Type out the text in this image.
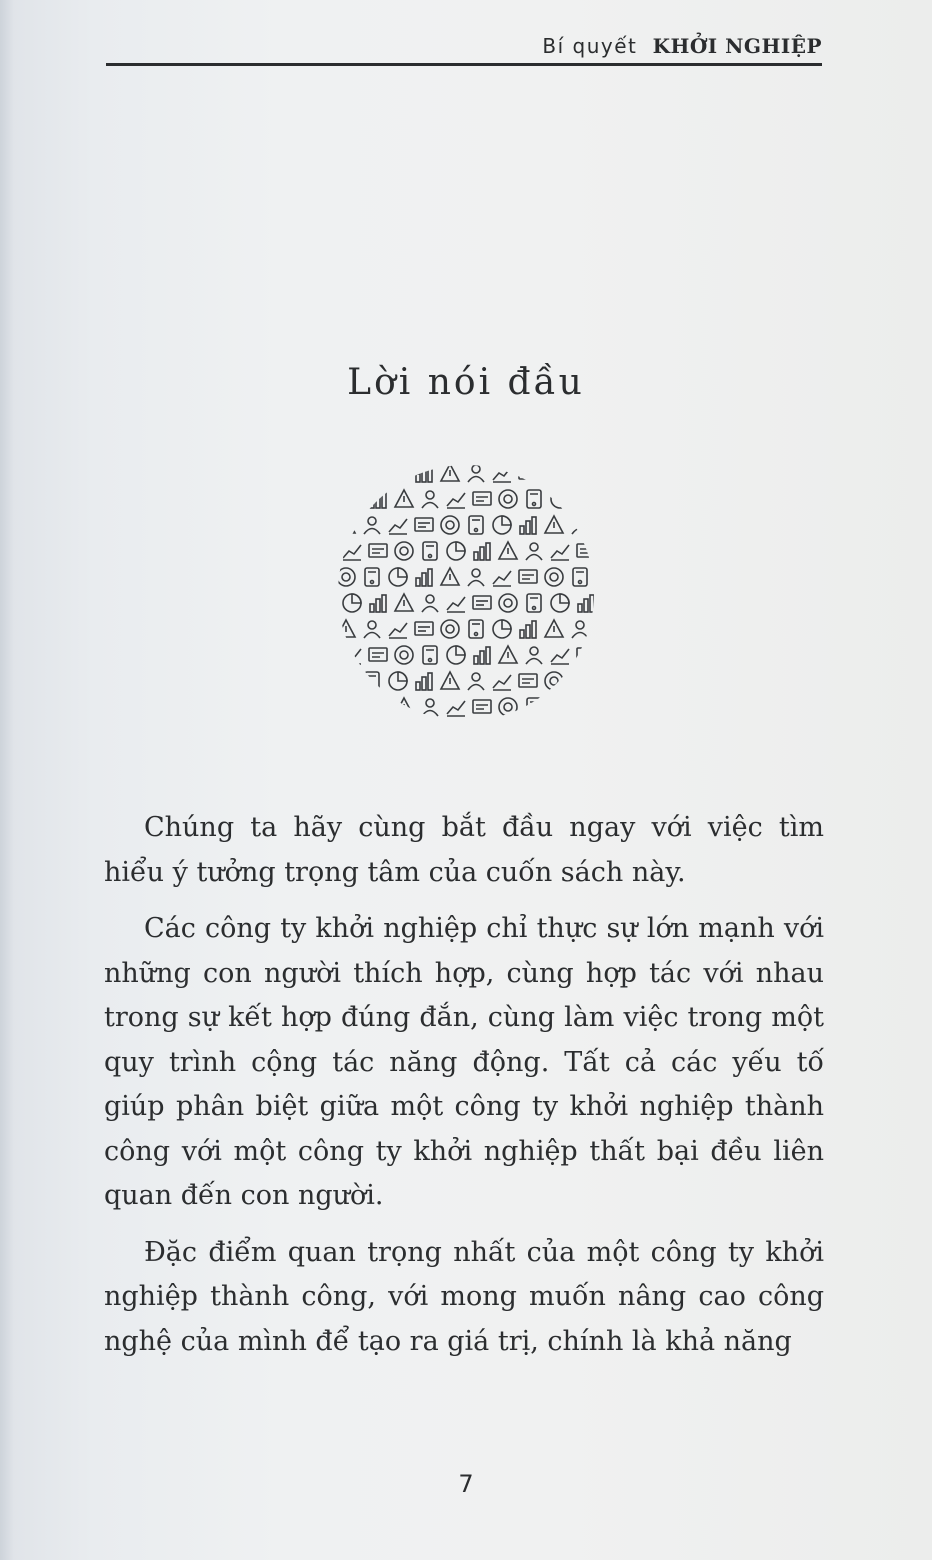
Bí quyết KHỞI NGHIỆP
Lời nói đầu

Chúng ta hãy cùng bắt đầu ngay với việc tìm hiểu ý tưởng trọng tâm của cuốn sách này.

Các công ty khởi nghiệp chỉ thực sự lớn mạnh với những con người thích hợp, cùng hợp tác với nhau trong sự kết hợp đúng đắn, cùng làm việc trong một quy trình cộng tác năng động. Tất cả các yếu tố giúp phân biệt giữa một công ty khởi nghiệp thành công với một công ty khởi nghiệp thất bại đều liên quan đến con người.

Đặc điểm quan trọng nhất của một công ty khởi nghiệp thành công, với mong muốn nâng cao công nghệ của mình để tạo ra giá trị, chính là khả năng

7
